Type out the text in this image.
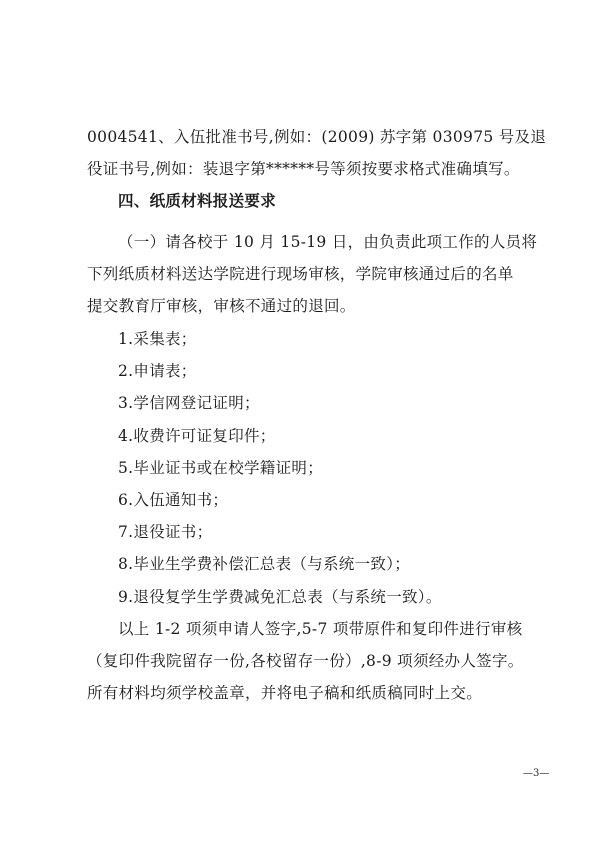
0004541、入伍批准书号,例如：(2009) 苏字第 030975 号及退
役证书号,例如：装退字第******号等须按要求格式准确填写。
四、纸质材料报送要求
（一）请各校于 10 月 15-19 日，由负责此项工作的人员将
下列纸质材料送达学院进行现场审核，学院审核通过后的名单
提交教育厅审核，审核不通过的退回。
1.采集表；
2.申请表；
3.学信网登记证明；
4.收费许可证复印件；
5.毕业证书或在校学籍证明；
6.入伍通知书；
7.退役证书；
8.毕业生学费补偿汇总表（与系统一致）；
9.退役复学生学费减免汇总表（与系统一致）。
以上 1-2 项须申请人签字,5-7 项带原件和复印件进行审核
（复印件我院留存一份,各校留存一份）,8-9 项须经办人签字。
所有材料均须学校盖章，并将电子稿和纸质稿同时上交。
—3—
